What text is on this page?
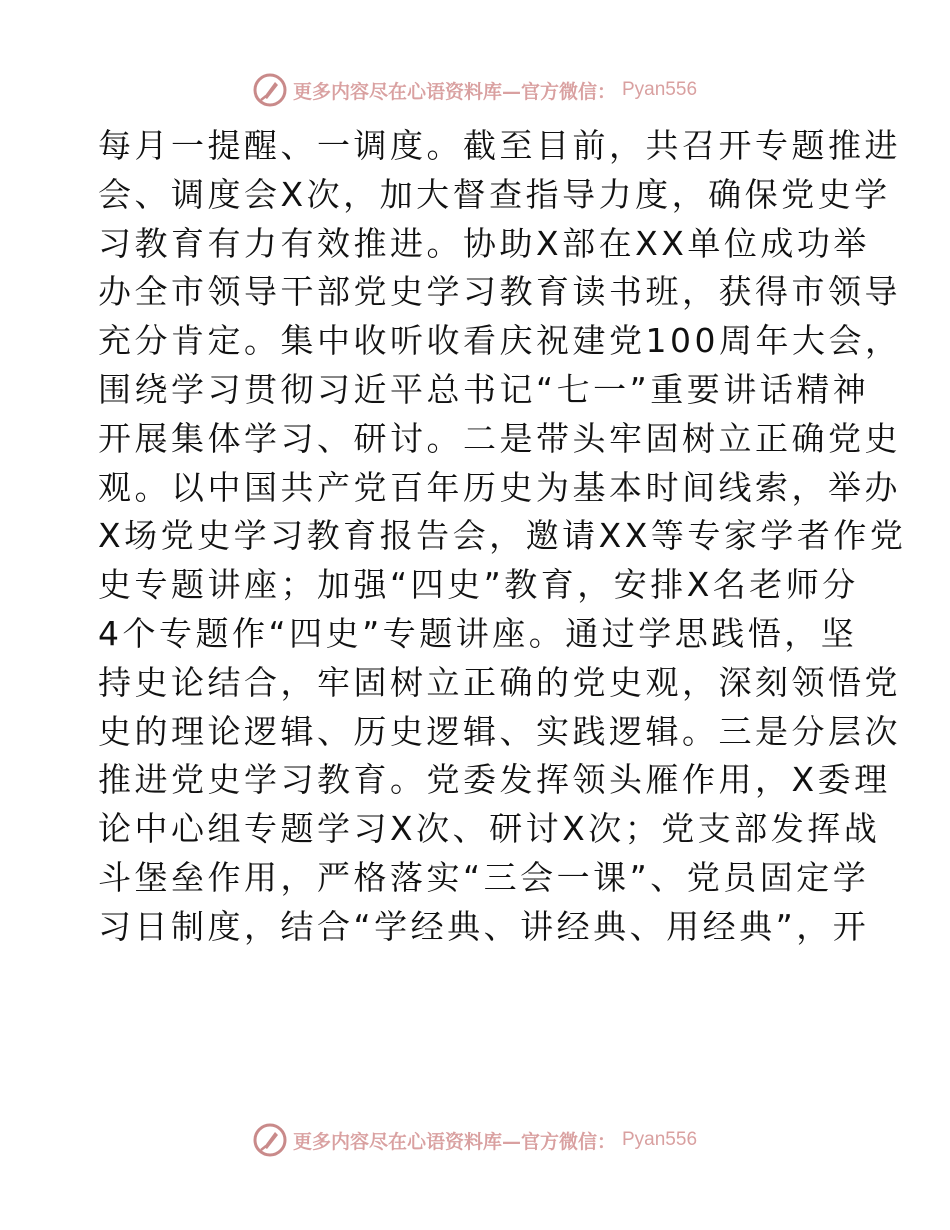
更多内容尽在心语资料库—官方微信： Pyan556
每月一提醒、一调度。截至目前，共召开专题推进
会、调度会X次，加大督查指导力度，确保党史学
习教育有力有效推进。协助X部在XX单位成功举
办全市领导干部党史学习教育读书班，获得市领导
充分肯定。集中收听收看庆祝建党100周年大会，
围绕学习贯彻习近平总书记“七一”重要讲话精神
开展集体学习、研讨。二是带头牢固树立正确党史
观。以中国共产党百年历史为基本时间线索，举办
X场党史学习教育报告会，邀请XX等专家学者作党
史专题讲座；加强“四史”教育，安排X名老师分
4个专题作“四史”专题讲座。通过学思践悟，坚
持史论结合，牢固树立正确的党史观，深刻领悟党
史的理论逻辑、历史逻辑、实践逻辑。三是分层次
推进党史学习教育。党委发挥领头雁作用，X委理
论中心组专题学习X次、研讨X次；党支部发挥战
斗堡垒作用，严格落实“三会一课”、党员固定学
习日制度，结合“学经典、讲经典、用经典”，开
更多内容尽在心语资料库—官方微信： Pyan556
